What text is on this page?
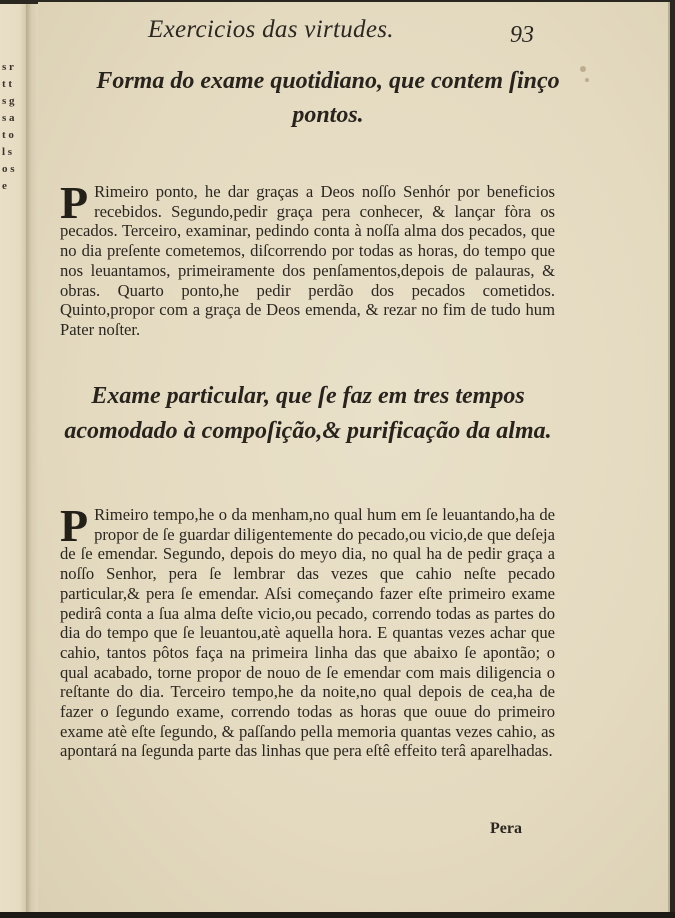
s r t ts g s a t o l s o s e
Exercicios das virtudes.	93
Forma do exame quotidiano, que contem ſinço pontos.
P Rimeiro ponto, he dar graças a Deos noſſo Senhór por beneficios recebidos. Segundo,pedir graça pera conhecer, & lançar fòra os pecados. Terceiro, examinar, pedindo conta à noſſa alma dos pecados, que no dia preſente cometemos, diſcorrendo por todas as horas, do tempo que nos leuantamos, primeiramente dos penſamentos,depois de palauras, & obras. Quarto ponto,he pedir perdão dos pecados cometidos. Quinto,propor com a graça de Deos emenda, & rezar no fim de tudo hum Pater noſter.
Exame particular, que ſe faz em tres tempos acomodado à compoſição,& purificação da alma.
P Rimeiro tempo,he o da menham,no qual hum em ſe leuantando,ha de propor de ſe guardar diligentemente do pecado,ou vicio,de que deſeja de ſe emendar. Segundo, depois do meyo dia, no qual ha de pedir graça a noſſo Senhor, pera ſe lembrar das vezes que cahio neſte pecado particular,& pera ſe emendar. Aſsi começando fazer eſte primeiro exame pedirâ conta a ſua alma deſte vicio,ou pecado, correndo todas as partes do dia do tempo que ſe leuantou,atè aquella hora. E quantas vezes achar que cahio, tantos pôtos faça na primeira linha das que abaixo ſe apontão; o qual acabado, torne propor de nouo de ſe emendar com mais diligencia o reſtante do dia. Terceiro tempo,he da noite,no qual depois de cea,ha de fazer o ſegundo exame, correndo todas as horas que ouue do primeiro exame atè eſte ſegundo, & paſſando pella memoria quantas vezes cahio, as apontará na ſegunda parte das linhas que pera eſtê effeito terâ aparelhadas.
Pera
